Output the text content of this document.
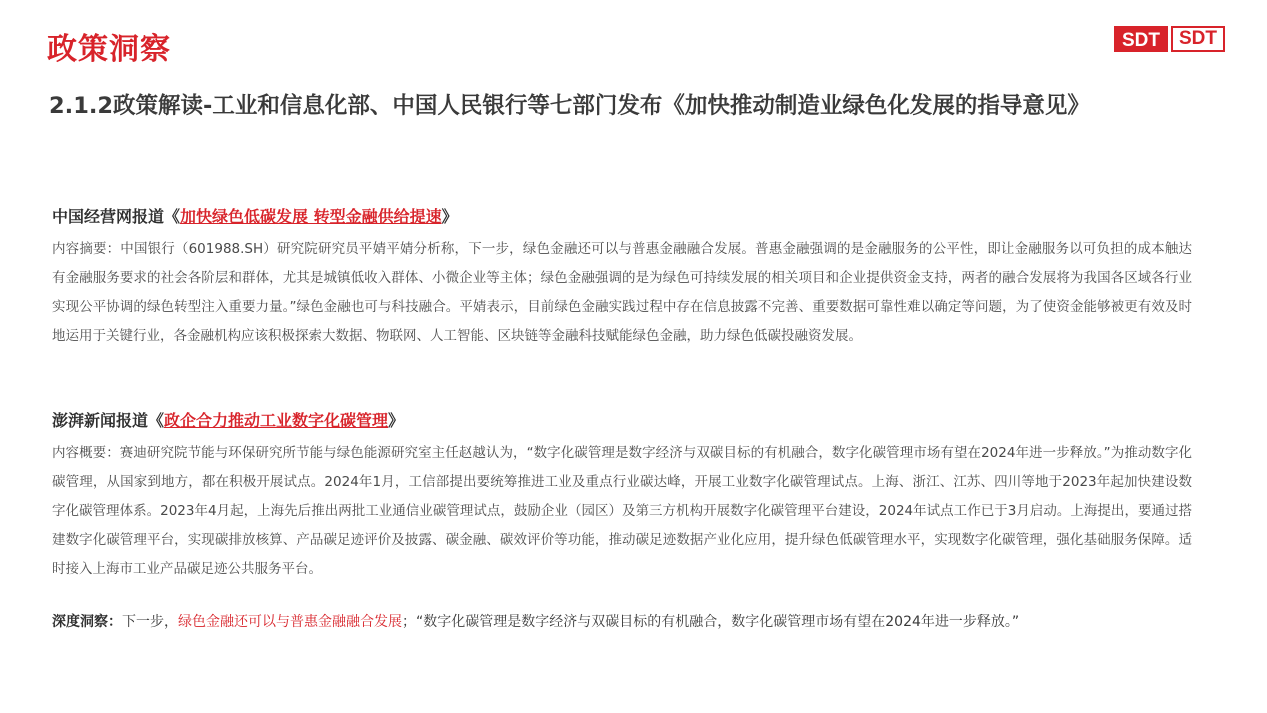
政策洞察	SDT	SDT
2.1.2政策解读-工业和信息化部、中国人民银行等七部门发布《加快推动制造业绿色化发展的指导意见》
中国经营网报道《加快绿色低碳发展 转型金融供给提速》

内容摘要：中国银行（601988.SH）研究院研究员平婧平婧分析称，下一步，绿色金融还可以与普惠金融融合发展。普惠金融强调的是金融服务的公平性，即让金融服务以可负担的成本触达有金融服务要求的社会各阶层和群体，尤其是城镇低收入群体、小微企业等主体；绿色金融强调的是为绿色可持续发展的相关项目和企业提供资金支持，两者的融合发展将为我国各区域各行业实现公平协调的绿色转型注入重要力量。”绿色金融也可与科技融合。平婧表示，目前绿色金融实践过程中存在信息披露不完善、重要数据可靠性难以确定等问题，为了使资金能够被更有效及时地运用于关键行业，各金融机构应该积极探索大数据、物联网、人工智能、区块链等金融科技赋能绿色金融，助力绿色低碳投融资发展。

澎湃新闻报道《政企合力推动工业数字化碳管理》

内容概要：赛迪研究院节能与环保研究所节能与绿色能源研究室主任赵越认为，“数字化碳管理是数字经济与双碳目标的有机融合，数字化碳管理市场有望在2024年进一步释放。”为推动数字化碳管理，从国家到地方，都在积极开展试点。2024年1月，工信部提出要统筹推进工业及重点行业碳达峰，开展工业数字化碳管理试点。上海、浙江、江苏、四川等地于2023年起加快建设数字化碳管理体系。2023年4月起，上海先后推出两批工业通信业碳管理试点，鼓励企业（园区）及第三方机构开展数字化碳管理平台建设，2024年试点工作已于3月启动。上海提出，要通过搭建数字化碳管理平台，实现碳排放核算、产品碳足迹评价及披露、碳金融、碳效评价等功能，推动碳足迹数据产业化应用，提升绿色低碳管理水平，实现数字化碳管理，强化基础服务保障。适时接入上海市工业产品碳足迹公共服务平台。

深度洞察：下一步，绿色金融还可以与普惠金融融合发展；“数字化碳管理是数字经济与双碳目标的有机融合，数字化碳管理市场有望在2024年进一步释放。”
